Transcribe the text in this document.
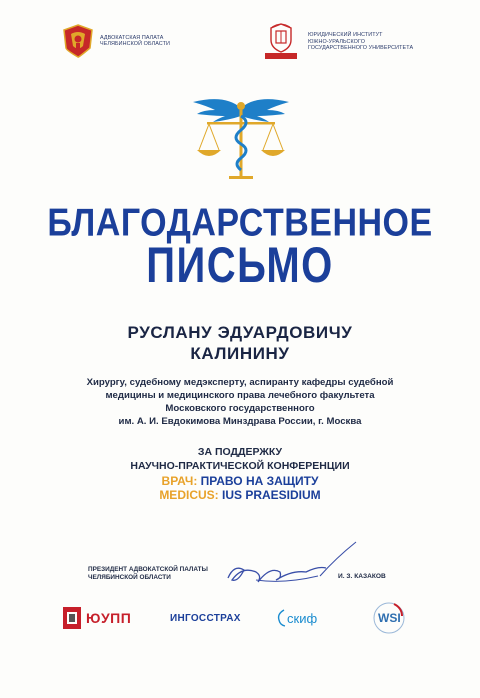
АДВОКАТСКАЯ ПАЛАТА
ЧЕЛЯБИНСКОЙ ОБЛАСТИ
ЮРИДИЧЕСКИЙ ИНСТИТУТ
ЮЖНО-УРАЛЬСКОГО
ГОСУДАРСТВЕННОГО УНИВЕРСИТЕТА
БЛАГОДАРСТВЕННОЕ
ПИСЬМО
РУСЛАНУ ЭДУАРДОВИЧУ
КАЛИНИНУ
Хирургу, судебному медэксперту, аспиранту кафедры судебной
медицины и медицинского права лечебного факультета
Московского государственного
им. А. И. Евдокимова Минздрава России, г. Москва
ЗА ПОДДЕРЖКУ
НАУЧНО-ПРАКТИЧЕСКОЙ КОНФЕРЕНЦИИ
ВРАЧ: ПРАВО НА ЗАЩИТУ
MEDICUS: IUS PRAESIDIUM
ПРЕЗИДЕНТ АДВОКАТСКОЙ ПАЛАТЫ
ЧЕЛЯБИНСКОЙ ОБЛАСТИ	И. З. КАЗАКОВ
ЮУПП	ИНГОССТРАХ	скиф	WSI
